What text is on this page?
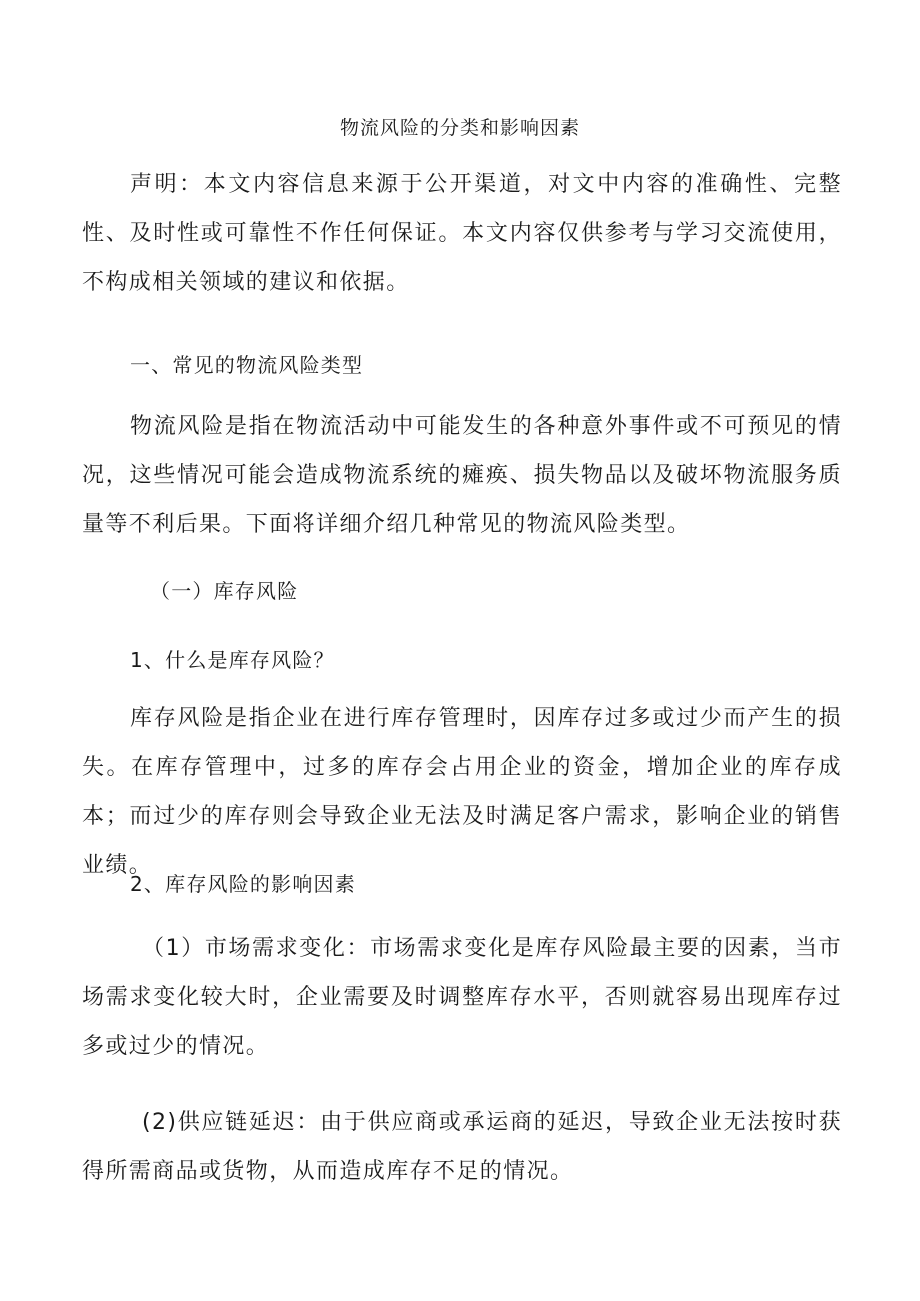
物流风险的分类和影响因素
声明：本文内容信息来源于公开渠道，对文中内容的准确性、完整性、及时性或可靠性不作任何保证。本文内容仅供参考与学习交流使用，不构成相关领域的建议和依据。
一、常见的物流风险类型
物流风险是指在物流活动中可能发生的各种意外事件或不可预见的情况，这些情况可能会造成物流系统的瘫痪、损失物品以及破坏物流服务质量等不利后果。下面将详细介绍几种常见的物流风险类型。
（一）库存风险
1、什么是库存风险？
库存风险是指企业在进行库存管理时，因库存过多或过少而产生的损失。在库存管理中，过多的库存会占用企业的资金，增加企业的库存成本；而过少的库存则会导致企业无法及时满足客户需求，影响企业的销售业绩。
2、库存风险的影响因素
（1）市场需求变化：市场需求变化是库存风险最主要的因素，当市场需求变化较大时，企业需要及时调整库存水平，否则就容易出现库存过多或过少的情况。
(2)供应链延迟：由于供应商或承运商的延迟，导致企业无法按时获得所需商品或货物，从而造成库存不足的情况。
